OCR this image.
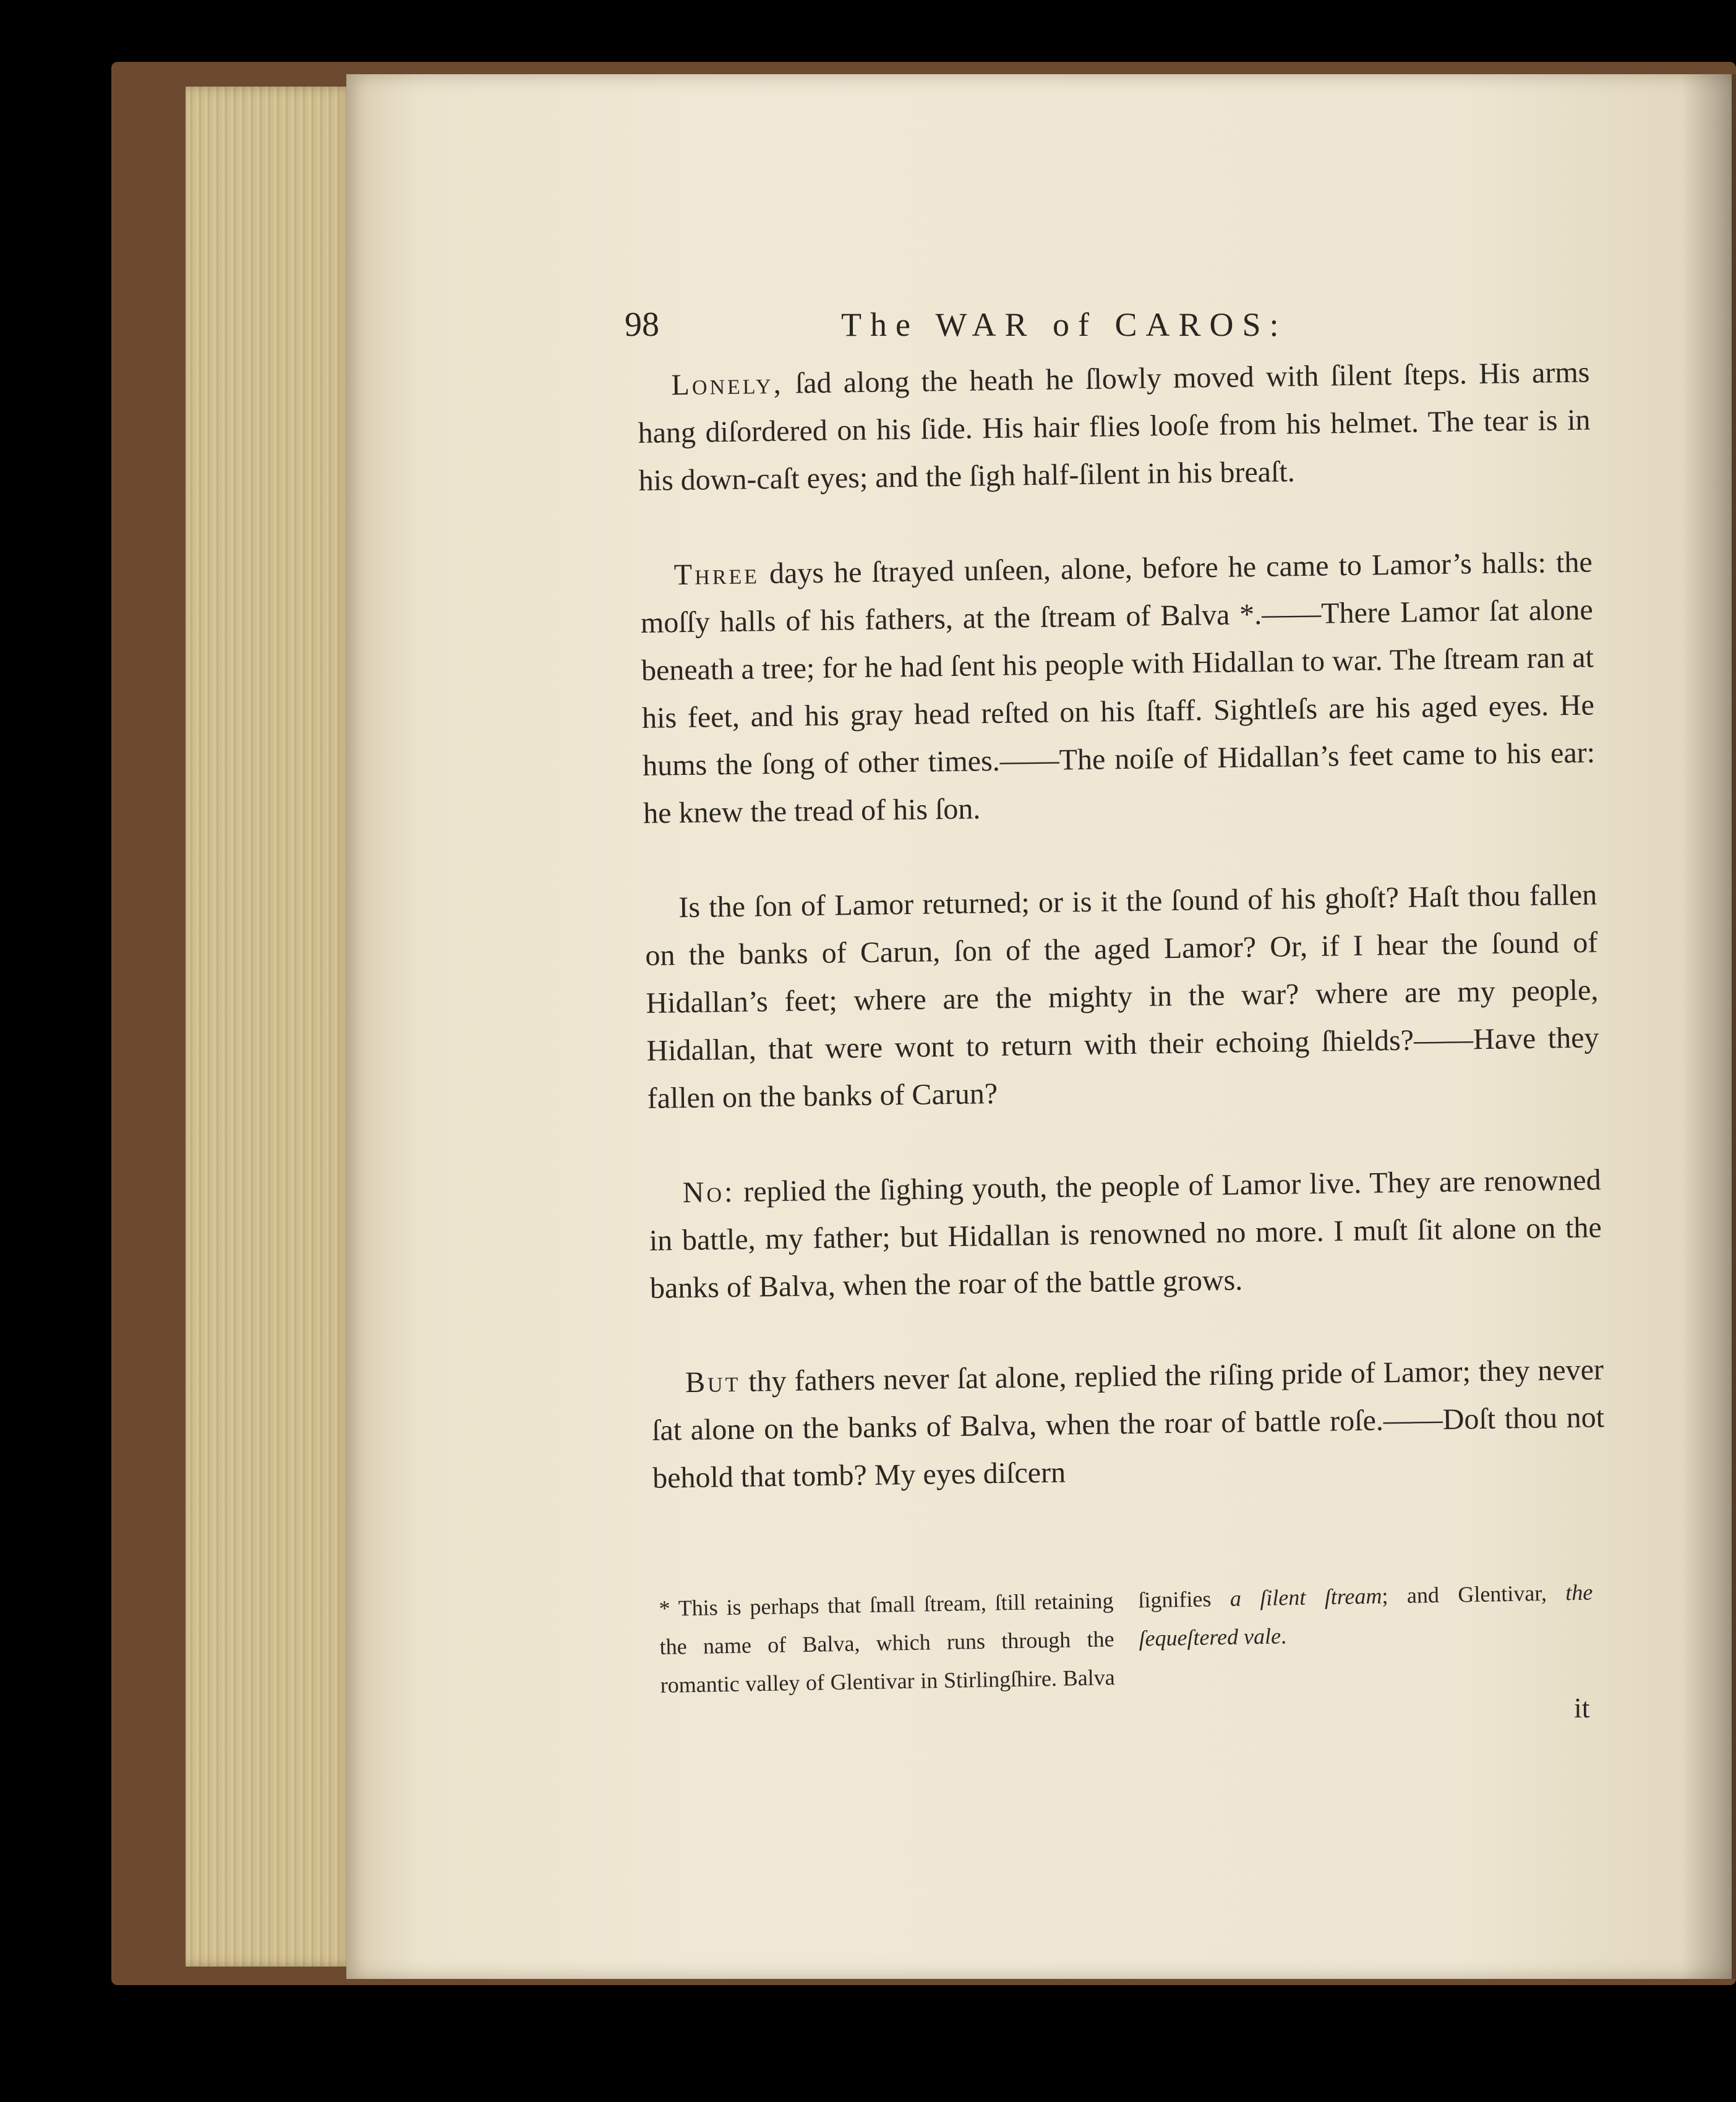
98	The WAR of CAROS:

Lonely, ſad along the heath he ſlowly moved with ſilent ſteps. His arms hang diſordered on his ſide. His hair flies looſe from his helmet. The tear is in his down-caſt eyes; and the ſigh half-ſilent in his breaſt.

Three days he ſtrayed unſeen, alone, before he came to Lamor’s halls: the moſſy halls of his fathers, at the ſtream of Balva *.——There Lamor ſat alone beneath a tree; for he had ſent his people with Hidallan to war. The ſtream ran at his feet, and his gray head reſted on his ſtaff. Sightleſs are his aged eyes. He hums the ſong of other times.——The noiſe of Hidallan’s feet came to his ear: he knew the tread of his ſon.

Is the ſon of Lamor returned; or is it the ſound of his ghoſt? Haſt thou fallen on the banks of Carun, ſon of the aged Lamor? Or, if I hear the ſound of Hidallan’s feet; where are the mighty in the war? where are my people, Hidallan, that were wont to return with their echoing ſhields?——Have they fallen on the banks of Carun?

No: replied the ſighing youth, the people of Lamor live. They are renowned in battle, my father; but Hidallan is renowned no more. I muſt ſit alone on the banks of Balva, when the roar of the battle grows.

But thy fathers never ſat alone, replied the riſing pride of Lamor; they never ſat alone on the banks of Balva, when the roar of battle roſe.——Doſt thou not behold that tomb? My eyes diſcern

* This is perhaps that ſmall ſtream, ſtill retaining the name of Balva, which runs through the romantic valley of Glentivar in Stirlingſhire. Balva ſignifies a ſilent ſtream; and Glentivar, the ſequeſtered vale.
it
